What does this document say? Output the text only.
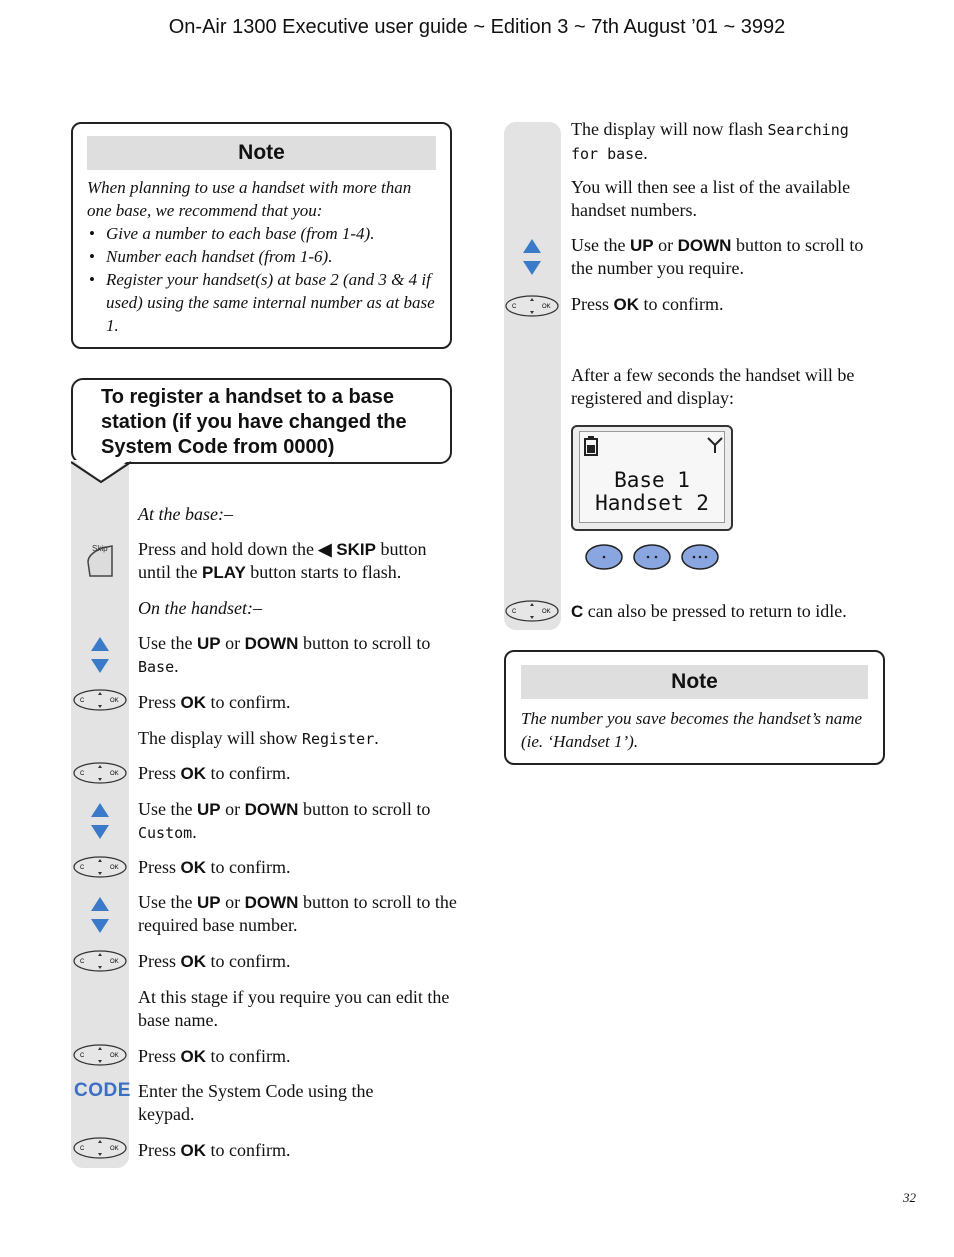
On-Air 1300 Executive user guide ~ Edition 3 ~ 7th August ’01 ~ 3992
Note
When planning to use a handset with more than one base, we recommend that you:
• Give a number to each base (from 1-4).
• Number each handset (from 1-6).
• Register your handset(s) at base 2 (and 3 & 4 if used) using the same internal number as at base 1.
To register a handset to a base station (if you have changed the System Code from 0000)
At the base:–
Skip Press and hold down the ◀ SKIP button until the PLAY button starts to flash.
On the handset:–
Use the UP or DOWN button to scroll to Base.
C	OK Press OK to confirm.
The display will show Register.
C	OK Press OK to confirm.
Use the UP or DOWN button to scroll to Custom.
C	OK Press OK to confirm.
Use the UP or DOWN button to scroll to the required base number.
C	OK Press OK to confirm.
At this stage if you require you can edit the base name.
C	OK Press OK to confirm.
CODE Enter the System Code using the keypad.
C	OK Press OK to confirm.
The display will now flash Searching for base.
You will then see a list of the available handset numbers.
Use the UP or DOWN button to scroll to the number you require.
C	OK Press OK to confirm.
After a few seconds the handset will be registered and display:
Base 1
Handset 2
C	OK C can also be pressed to return to idle.
Note
The number you save becomes the handset’s name (ie. ‘Handset 1’).
32
